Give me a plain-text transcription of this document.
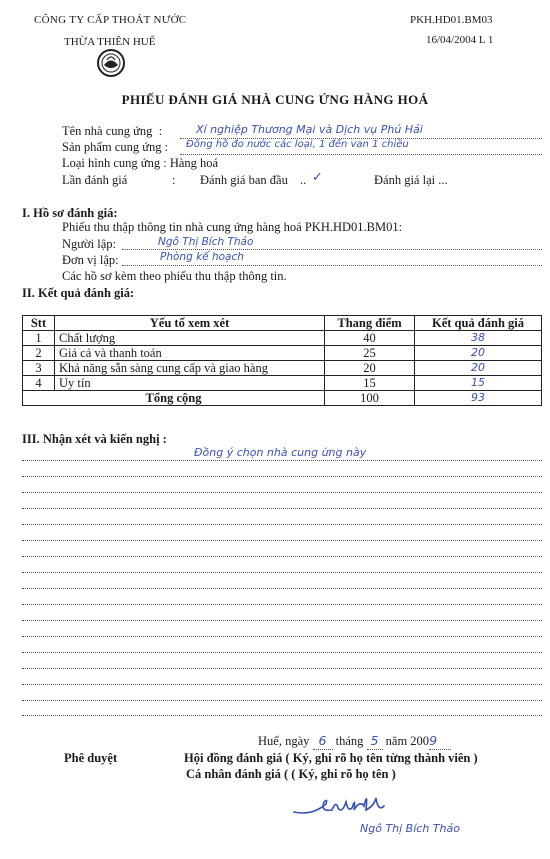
CÔNG TY CẤP THOÁT NƯỚC
THỪA THIÊN HUẾ
PKH.HD01.BM03
16/04/2004 L 1
PHIẾU ĐÁNH GIÁ NHÀ CUNG ỨNG HÀNG HOÁ
Tên nhà cung ứng  :	Xí nghiệp Thương Mại và Dịch vụ Phú Hải
Sản phẩm cung ứng : Đồng hồ đo nước các loại, 1 đến van 1 chiều
Loại hình cung ứng : Hàng hoá
Lần đánh giá	: Đánh giá ban đầu .. ✓	Đánh giá lại ...
I. Hồ sơ đánh giá:
Phiếu thu thập thông tin nhà cung ứng hàng hoá PKH.HD01.BM01:
Người lập:	Ngô Thị Bích Thảo
Đơn vị lập:	Phòng kế hoạch
Các hồ sơ kèm theo phiếu thu thập thông tin.
II. Kết quả đánh giá:
Stt	Yếu tố xem xét	Thang điểm	Kết quả đánh giá
1	Chất lượng	40	38
2	Giá cả và thanh toán	25	20
3	Khả năng sẵn sàng cung cấp và giao hàng	20	20
4	Uy tín	15	15
Tổng cộng		100	93
III. Nhận xét và kiến nghị :
Đồng ý chọn nhà cung ứng này
Huế, ngày 6 tháng 5 năm 2009
Phê duyệt	Hội đồng đánh giá ( Ký, ghi rõ họ tên từng thành viên )
Cá nhân đánh giá ( ( Ký, ghi rõ họ tên )
Ngô Thị Bích Thảo
